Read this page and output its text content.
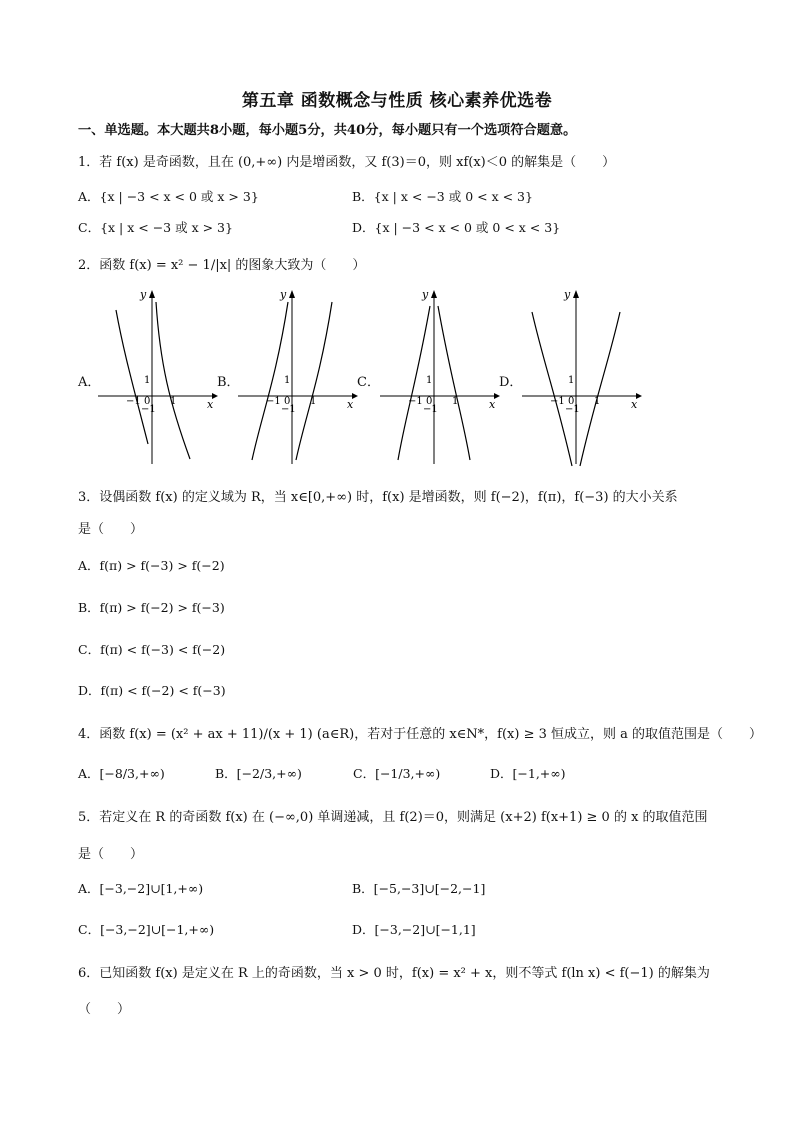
第五章 函数概念与性质 核心素养优选卷
一、单选题。本大题共8小题，每小题5分，共40分，每小题只有一个选项符合题意。
1．若 f(x) 是奇函数，且在 (0,+∞) 内是增函数，又 f(3)＝0，则 xf(x)＜0 的解集是（　　）
A．{x | −3 < x < 0 或 x > 3}	B．{x | x < −3 或 0 < x < 3}
C．{x | x < −3 或 x > 3}	D．{x | −3 < x < 0 或 0 < x < 3}
2．函数 f(x) = x² − 1/|x| 的图象大致为（　　）
A．	B．	C．	D．
y
x
1
−1 0 1
−1
y
x
1
−1 0 1
−1
y
x
1
−1 0 1
−1
y
x
1
−1 0 1
−1
3．设偶函数 f(x) 的定义域为 R，当 x∈[0,+∞) 时，f(x) 是增函数，则 f(−2)，f(π)，f(−3) 的大小关系
是（　　）
A．f(π) > f(−3) > f(−2)
B．f(π) > f(−2) > f(−3)
C．f(π) < f(−3) < f(−2)
D．f(π) < f(−2) < f(−3)
4．函数 f(x) = (x² + ax + 11)/(x + 1) (a∈R)，若对于任意的 x∈N*，f(x) ≥ 3 恒成立，则 a 的取值范围是（　　）
A．[−8/3,+∞)	B．[−2/3,+∞)	C．[−1/3,+∞)	D．[−1,+∞)
5．若定义在 R 的奇函数 f(x) 在 (−∞,0) 单调递减，且 f(2)＝0，则满足 (x+2) f(x+1) ≥ 0 的 x 的取值范围
是（　　）
A．[−3,−2]∪[1,+∞)	B．[−5,−3]∪[−2,−1]
C．[−3,−2]∪[−1,+∞)	D．[−3,−2]∪[−1,1]
6．已知函数 f(x) 是定义在 R 上的奇函数，当 x > 0 时，f(x) = x² + x，则不等式 f(ln x) < f(−1) 的解集为
（　　）
